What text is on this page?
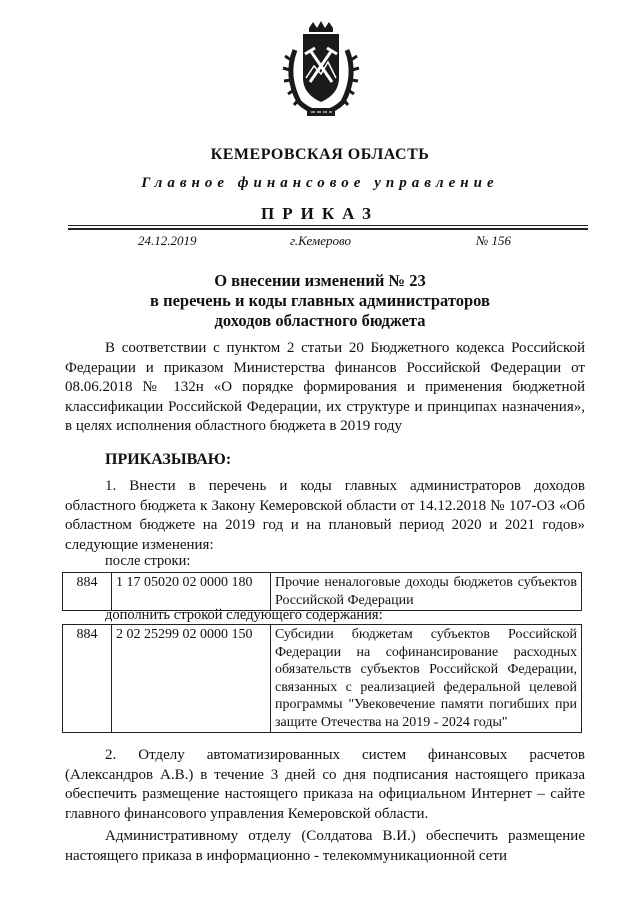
КЕМЕРОВСКАЯ ОБЛАСТЬ
Главное финансовое управление
ПРИКАЗ
24.12.2019	г.Кемерово	№ 156
О внесении изменений № 23
в перечень и коды главных администраторов
доходов областного бюджета
В соответствии с пунктом 2 статьи 20 Бюджетного кодекса Российской Федерации и приказом Министерства финансов Российской Федерации от 08.06.2018 № 132н «О порядке формирования и применения бюджетной классификации Российской Федерации, их структуре и принципах назначения», в целях исполнения областного бюджета в 2019 году
ПРИКАЗЫВАЮ:
1. Внести в перечень и коды главных администраторов доходов областного бюджета к Закону Кемеровской области от 14.12.2018 № 107-ОЗ «Об областном бюджете на 2019 год и на плановый период 2020 и 2021 годов» следующие изменения:
после строки:
884	1 17 05020 02 0000 180	Прочие неналоговые доходы бюджетов субъектов Российской Федерации
дополнить строкой следующего содержания:
884	2 02 25299 02 0000 150	Субсидии бюджетам субъектов Российской Федерации на софинансирование расходных обязательств субъектов Российской Федерации, связанных с реализацией федеральной целевой программы "Увековечение памяти погибших при защите Отечества на 2019 - 2024 годы"
2. Отделу автоматизированных систем финансовых расчетов (Александров А.В.) в течение 3 дней со дня подписания настоящего приказа обеспечить размещение настоящего приказа на официальном Интернет – сайте главного финансового управления Кемеровской области.
Административному отделу (Солдатова В.И.) обеспечить размещение настоящего приказа в информационно - телекоммуникационной сети
